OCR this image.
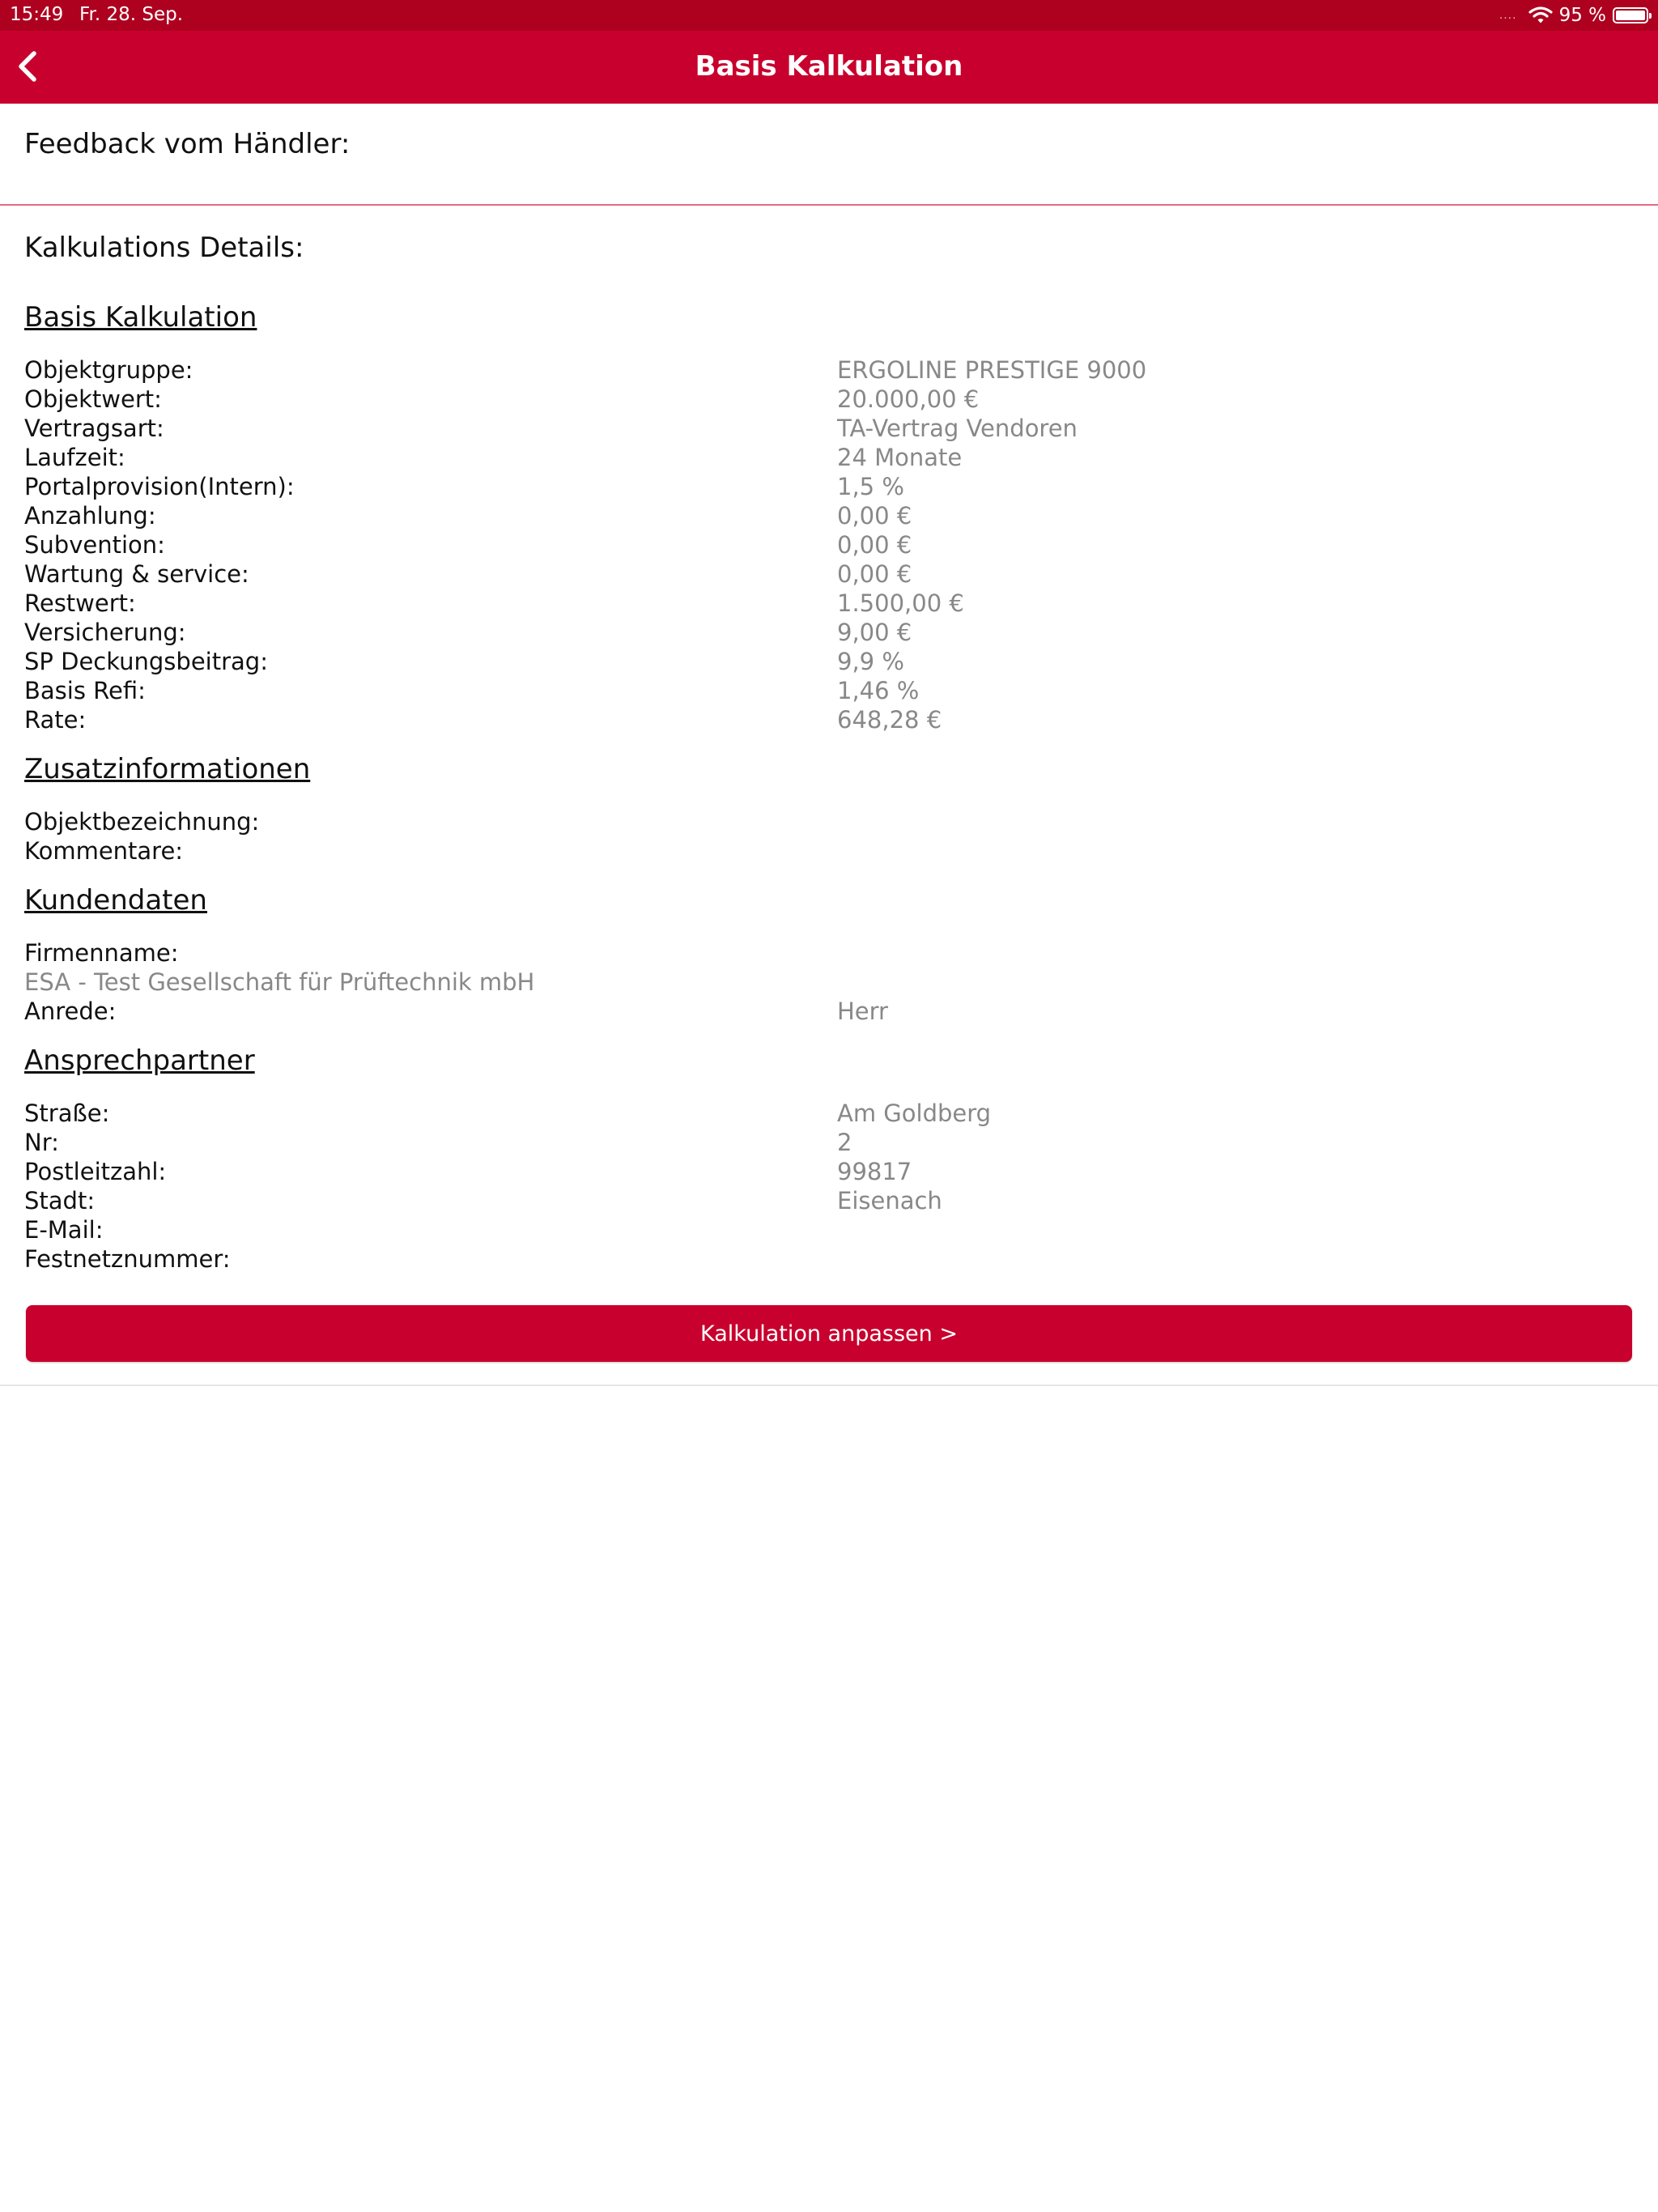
15:49 Fr. 28. Sep.	.... 95 %
Basis Kalkulation
Feedback vom Händler:
Kalkulations Details:
Basis Kalkulation
Objektgruppe:	ERGOLINE PRESTIGE 9000
Objektwert:	20.000,00 €
Vertragsart:	TA-Vertrag Vendoren
Laufzeit:	24 Monate
Portalprovision(Intern):	1,5 %
Anzahlung:	0,00 €
Subvention:	0,00 €
Wartung & service:	0,00 €
Restwert:	1.500,00 €
Versicherung:	9,00 €
SP Deckungsbeitrag:	9,9 %
Basis Refi:	1,46 %
Rate:	648,28 €
Zusatzinformationen
Objektbezeichnung:
Kommentare:
Kundendaten
Firmenname:
ESA - Test Gesellschaft für Prüftechnik mbH
Anrede:	Herr
Ansprechpartner
Straße:	Am Goldberg
Nr:	2
Postleitzahl:	99817
Stadt:	Eisenach
E-Mail:
Festnetznummer:
Kalkulation anpassen >
